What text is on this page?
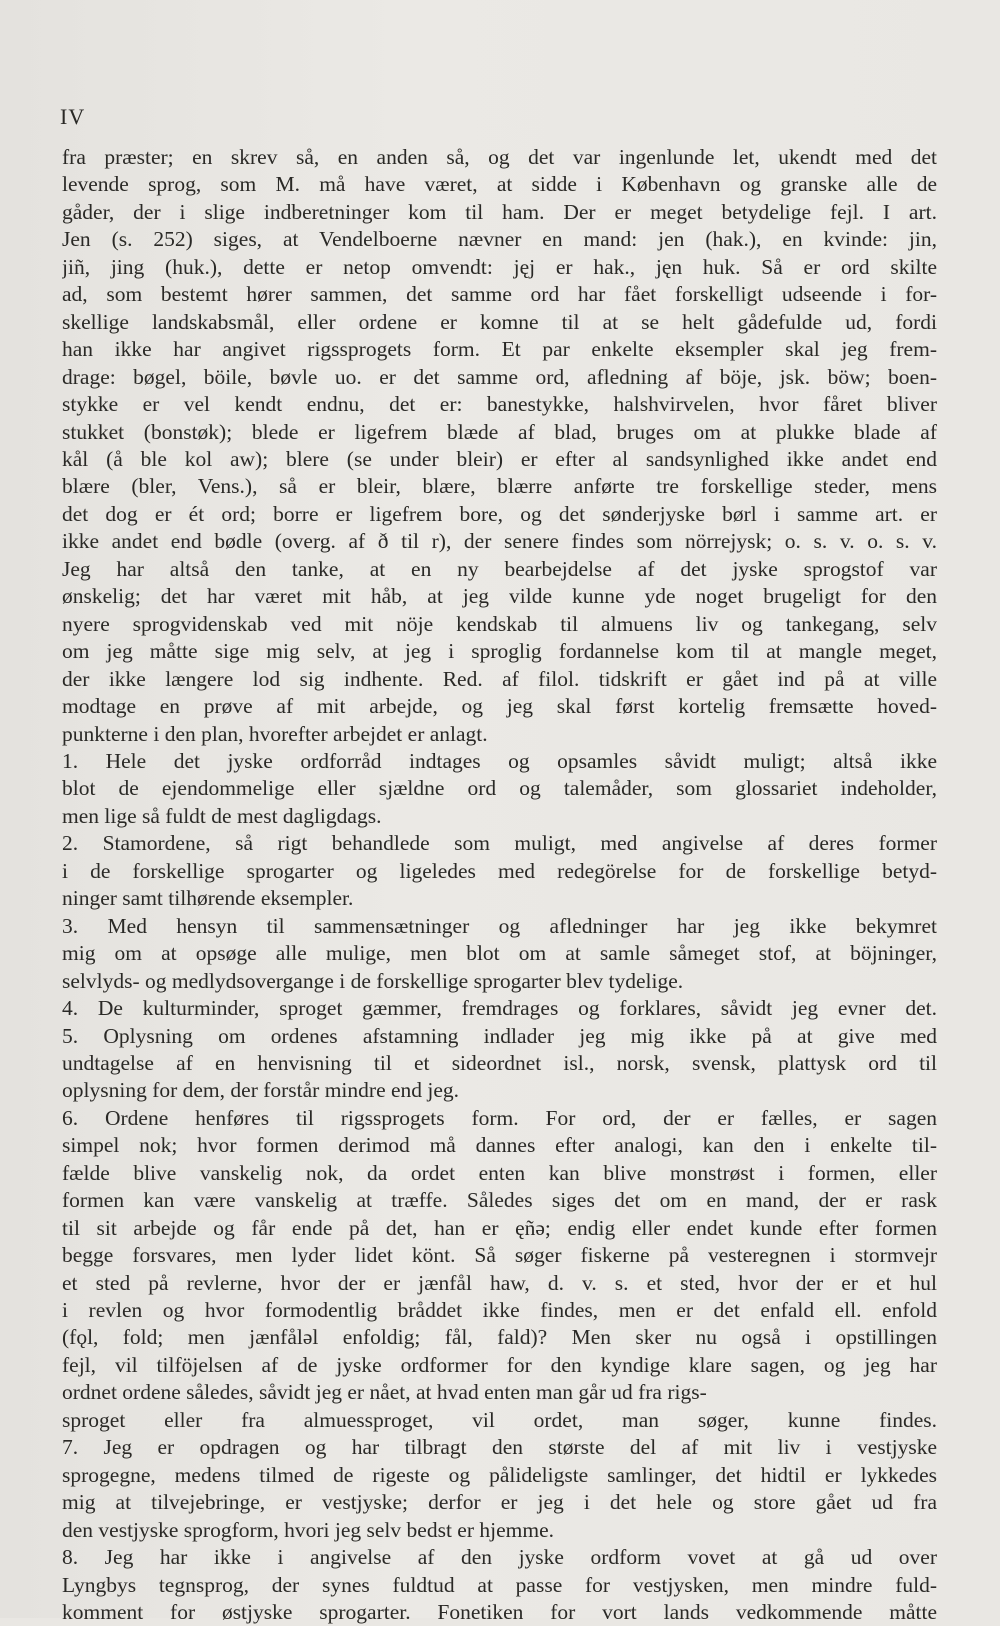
IV
fra præster; en skrev så, en anden så, og det var ingenlunde let, ukendt med det
levende sprog, som M. må have været, at sidde i København og granske alle de
gåder, der i slige indberetninger kom til ham. Der er meget betydelige fejl. I art.
Jen (s. 252) siges, at Vendelboerne nævner en mand: jen (hak.), en kvinde: jin,
jiñ, jing (huk.), dette er netop omvendt: jęj er hak., jęn huk. Så er ord skilte
ad, som bestemt hører sammen, det samme ord har fået forskelligt udseende i for-
skellige landskabsmål, eller ordene er komne til at se helt gådefulde ud, fordi
han ikke har angivet rigssprogets form. Et par enkelte eksempler skal jeg frem-
drage: bøgel, böile, bøvle uo. er det samme ord, afledning af böje, jsk. böw; boen-
stykke er vel kendt endnu, det er: banestykke, halshvirvelen, hvor fåret bliver
stukket (bonstøk); blede er ligefrem blæde af blad, bruges om at plukke blade af
kål (å ble kol aw); blere (se under bleir) er efter al sandsynlighed ikke andet end
blære (bler, Vens.), så er bleir, blære, blærre anførte tre forskellige steder, mens
det dog er ét ord; borre er ligefrem bore, og det sønderjyske børl i samme art. er
ikke andet end bødle (overg. af ð til r), der senere findes som nörrejysk; o. s. v. o. s. v.
Jeg har altså den tanke, at en ny bearbejdelse af det jyske sprogstof var
ønskelig; det har været mit håb, at jeg vilde kunne yde noget brugeligt for den
nyere sprogvidenskab ved mit nöje kendskab til almuens liv og tankegang, selv
om jeg måtte sige mig selv, at jeg i sproglig fordannelse kom til at mangle meget,
der ikke længere lod sig indhente. Red. af filol. tidskrift er gået ind på at ville
modtage en prøve af mit arbejde, og jeg skal først kortelig fremsætte hoved-
punkterne i den plan, hvorefter arbejdet er anlagt.
1. Hele det jyske ordforråd indtages og opsamles såvidt muligt; altså ikke
blot de ejendommelige eller sjældne ord og talemåder, som glossariet indeholder,
men lige så fuldt de mest dagligdags.
2. Stamordene, så rigt behandlede som muligt, med angivelse af deres former
i de forskellige sprogarter og ligeledes med redegörelse for de forskellige betyd-
ninger samt tilhørende eksempler.
3. Med hensyn til sammensætninger og afledninger har jeg ikke bekymret
mig om at opsøge alle mulige, men blot om at samle såmeget stof, at böjninger,
selvlyds- og medlydsovergange i de forskellige sprogarter blev tydelige.
4. De kulturminder, sproget gæmmer, fremdrages og forklares, såvidt jeg evner det.
5. Oplysning om ordenes afstamning indlader jeg mig ikke på at give med
undtagelse af en henvisning til et sideordnet isl., norsk, svensk, plattysk ord til
oplysning for dem, der forstår mindre end jeg.
6. Ordene henføres til rigssprogets form. For ord, der er fælles, er sagen
simpel nok; hvor formen derimod må dannes efter analogi, kan den i enkelte til-
fælde blive vanskelig nok, da ordet enten kan blive monstrøst i formen, eller
formen kan være vanskelig at træffe. Således siges det om en mand, der er rask
til sit arbejde og får ende på det, han er ęñə; endig eller endet kunde efter formen
begge forsvares, men lyder lidet könt. Så søger fiskerne på vesteregnen i stormvejr
et sted på revlerne, hvor der er jænfål haw, d. v. s. et sted, hvor der er et hul
i revlen og hvor formodentlig bråddet ikke findes, men er det enfald ell. enfold
(fǫl, fold; men jænfåləl enfoldig; fål, fald)? Men sker nu også i opstillingen
fejl, vil tilföjelsen af de jyske ordformer for den kyndige klare sagen, og jeg har
ordnet ordene således, såvidt jeg er nået, at hvad enten man går ud fra rigs-
sproget eller fra almuessproget, vil ordet, man søger, kunne findes.
7. Jeg er opdragen og har tilbragt den største del af mit liv i vestjyske
sprogegne, medens tilmed de rigeste og pålideligste samlinger, det hidtil er lykkedes
mig at tilvejebringe, er vestjyske; derfor er jeg i det hele og store gået ud fra
den vestjyske sprogform, hvori jeg selv bedst er hjemme.
8. Jeg har ikke i angivelse af den jyske ordform vovet at gå ud over
Lyngbys tegnsprog, der synes fuldtud at passe for vestjysken, men mindre fuld-
komment for østjyske sprogarter. Fonetiken for vort lands vedkommende måtte
